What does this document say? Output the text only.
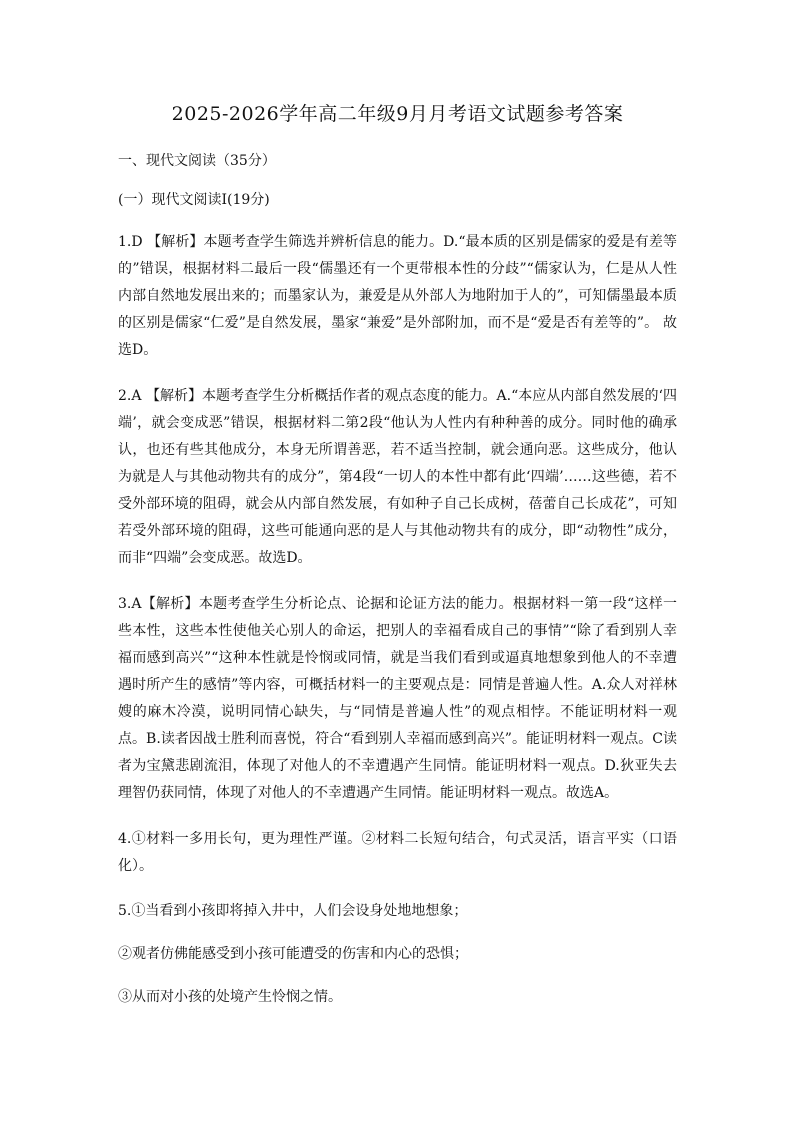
2025-2026学年高二年级9月月考语文试题参考答案
一、现代文阅读（35分）
(一）现代文阅读Ⅰ(19分)

1.D 【解析】本题考查学生筛选并辨析信息的能力。D.“最本质的区别是儒家的爱是有差等的”错误，根据材料二最后一段“儒墨还有一个更带根本性的分歧”“儒家认为，仁是从人性内部自然地发展出来的；而墨家认为，兼爱是从外部人为地附加于人的”，可知儒墨最本质的区别是儒家“仁爱”是自然发展，墨家“兼爱”是外部附加，而不是“爱是否有差等的”。 故选D。

2.A 【解析】本题考查学生分析概括作者的观点态度的能力。A.“本应从内部自然发展的‘四端’，就会变成恶”错误，根据材料二第2段“他认为人性内有种种善的成分。同时他的确承认，也还有些其他成分，本身无所谓善恶，若不适当控制，就会通向恶。这些成分，他认为就是人与其他动物共有的成分”，第4段“一切人的本性中都有此‘四端’……这些德，若不受外部环境的阻碍，就会从内部自然发展，有如种子自己长成树，蓓蕾自己长成花”，可知若受外部环境的阻碍，这些可能通向恶的是人与其他动物共有的成分，即“动物性”成分，而非“四端”会变成恶。故选D。

3.A【解析】本题考查学生分析论点、论据和论证方法的能力。根据材料一第一段“这样一些本性，这些本性使他关心别人的命运，把别人的幸福看成自己的事情”“除了看到别人幸福而感到高兴”“这种本性就是怜悯或同情，就是当我们看到或逼真地想象到他人的不幸遭遇时所产生的感情”等内容，可概括材料一的主要观点是：同情是普遍人性。A.众人对祥林嫂的麻木冷漠，说明同情心缺失，与“同情是普遍人性”的观点相悖。不能证明材料一观点。B.读者因战士胜利而喜悦，符合“看到别人幸福而感到高兴”。能证明材料一观点。C读者为宝黛悲剧流泪，体现了对他人的不幸遭遇产生同情。能证明材料一观点。D.狄亚失去理智仍获同情，体现了对他人的不幸遭遇产生同情。能证明材料一观点。故选A。

4.①材料一多用长句，更为理性严谨。②材料二长短句结合，句式灵活，语言平实（口语化）。

5.①当看到小孩即将掉入井中，人们会设身处地地想象；

②观者仿佛能感受到小孩可能遭受的伤害和内心的恐惧；

③从而对小孩的处境产生怜悯之情。
